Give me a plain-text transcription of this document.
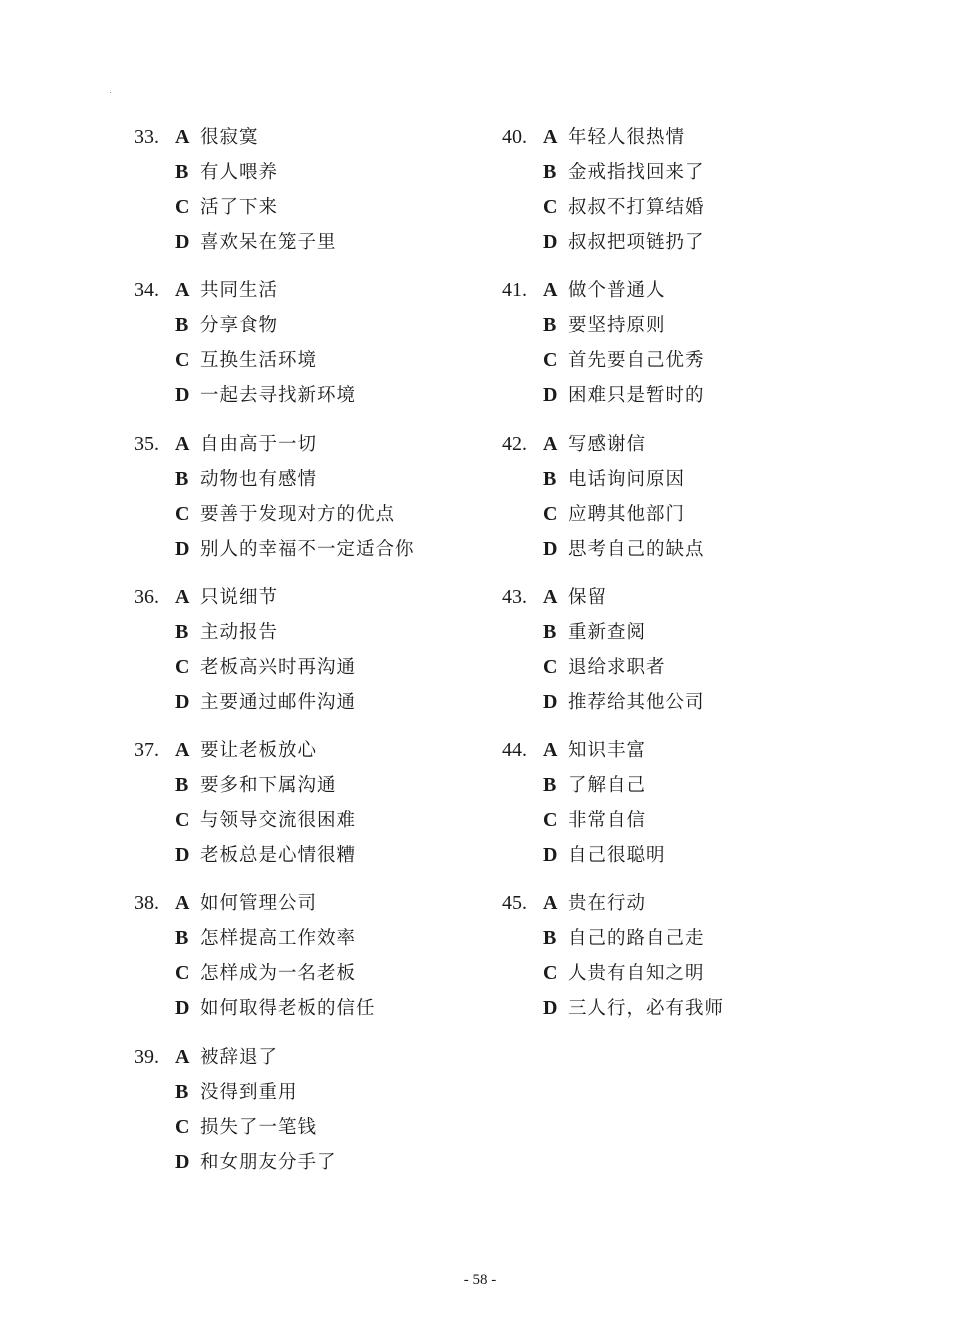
33. A 很寂寞
B 有人喂养
C 活了下来
D 喜欢呆在笼子里
34. A 共同生活
B 分享食物
C 互换生活环境
D 一起去寻找新环境
35. A 自由高于一切
B 动物也有感情
C 要善于发现对方的优点
D 别人的幸福不一定适合你
36. A 只说细节
B 主动报告
C 老板高兴时再沟通
D 主要通过邮件沟通
37. A 要让老板放心
B 要多和下属沟通
C 与领导交流很困难
D 老板总是心情很糟
38. A 如何管理公司
B 怎样提高工作效率
C 怎样成为一名老板
D 如何取得老板的信任
39. A 被辞退了
B 没得到重用
C 损失了一笔钱
D 和女朋友分手了
40. A 年轻人很热情
B 金戒指找回来了
C 叔叔不打算结婚
D 叔叔把项链扔了
41. A 做个普通人
B 要坚持原则
C 首先要自己优秀
D 困难只是暂时的
42. A 写感谢信
B 电话询问原因
C 应聘其他部门
D 思考自己的缺点
43. A 保留
B 重新查阅
C 退给求职者
D 推荐给其他公司
44. A 知识丰富
B 了解自己
C 非常自信
D 自己很聪明
45. A 贵在行动
B 自己的路自己走
C 人贵有自知之明
D 三人行，必有我师
- 58 -
